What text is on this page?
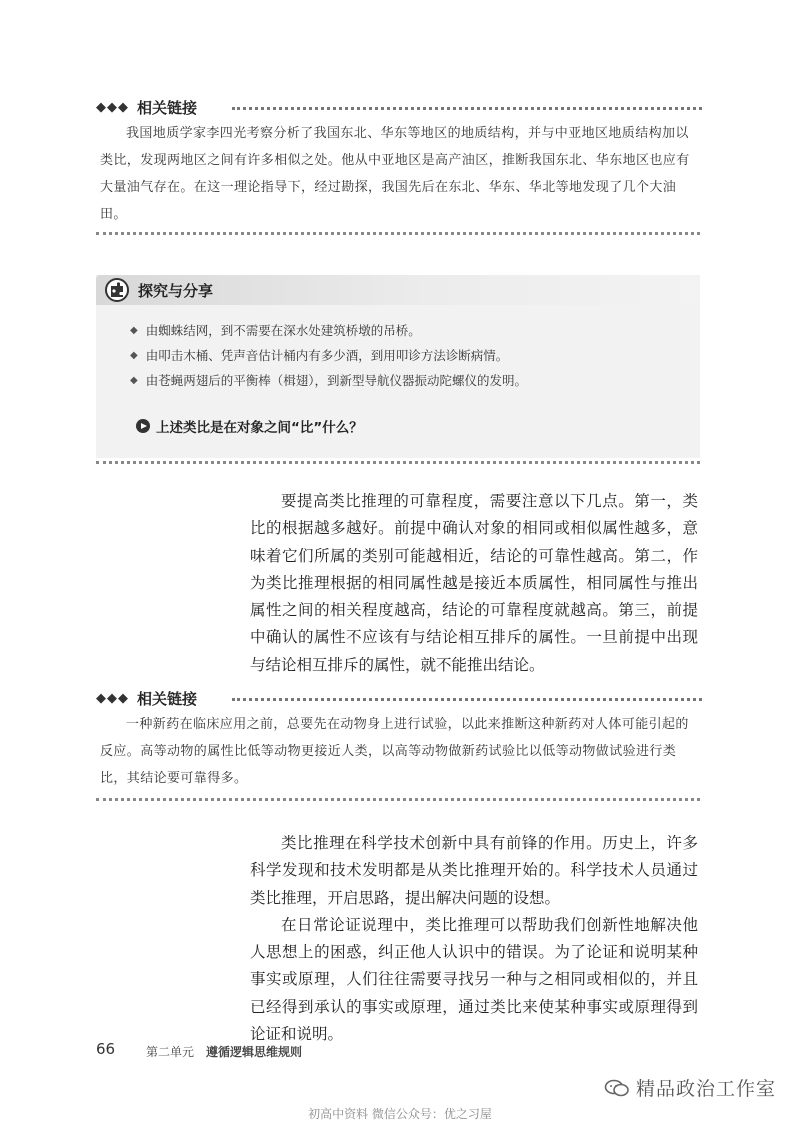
◆◆◆ 相关链接

我国地质学家李四光考察分析了我国东北、华东等地区的地质结构，并与中亚地区地质结构加以类比，发现两地区之间有许多相似之处。他从中亚地区是高产油区，推断我国东北、华东地区也应有大量油气存在。在这一理论指导下，经过勘探，我国先后在东北、华东、华北等地发现了几个大油田。

探究与分享
◆ 由蜘蛛结网，到不需要在深水处建筑桥墩的吊桥。
◆ 由叩击木桶、凭声音估计桶内有多少酒，到用叩诊方法诊断病情。
◆ 由苍蝇两翅后的平衡棒（楫翅），到新型导航仪器振动陀螺仪的发明。
上述类比是在对象之间“比”什么？

要提高类比推理的可靠程度，需要注意以下几点。第一，类比的根据越多越好。前提中确认对象的相同或相似属性越多，意味着它们所属的类别可能越相近，结论的可靠性越高。第二，作为类比推理根据的相同属性越是接近本质属性，相同属性与推出属性之间的相关程度越高，结论的可靠程度就越高。第三，前提中确认的属性不应该有与结论相互排斥的属性。一旦前提中出现与结论相互排斥的属性，就不能推出结论。

◆◆◆ 相关链接

一种新药在临床应用之前，总要先在动物身上进行试验，以此来推断这种新药对人体可能引起的反应。高等动物的属性比低等动物更接近人类，以高等动物做新药试验比以低等动物做试验进行类比，其结论要可靠得多。

类比推理在科学技术创新中具有前锋的作用。历史上，许多科学发现和技术发明都是从类比推理开始的。科学技术人员通过类比推理，开启思路，提出解决问题的设想。

在日常论证说理中，类比推理可以帮助我们创新性地解决他人思想上的困惑，纠正他人认识中的错误。为了论证和说明某种事实或原理，人们往往需要寻找另一种与之相同或相似的，并且已经得到承认的事实或原理，通过类比来使某种事实或原理得到论证和说明。

66	第二单元 遵循逻辑思维规则
精品政治工作室
初高中资料 微信公众号：优之习屋
